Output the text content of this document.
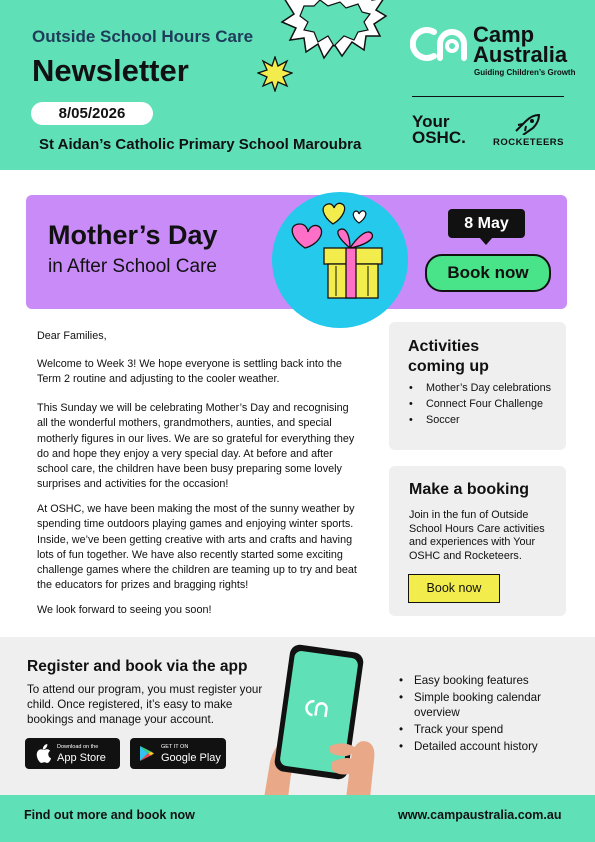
Outside School Hours Care
Newsletter
8/05/2026
St Aidan’s Catholic Primary School Maroubra
Camp
Australia
Guiding Children’s Growth
Your
OSHC.	ROCKETEERS
Mother’s Day
in After School Care
8 May
Book now

Dear Families,

Welcome to Week 3! We hope everyone is settling back into the Term 2 routine and adjusting to the cooler weather.

This Sunday we will be celebrating Mother’s Day and recognising all the wonderful mothers, grandmothers, aunties, and special motherly figures in our lives. We are so grateful for everything they do and hope they enjoy a very special day. At before and after school care, the children have been busy preparing some lovely surprises and activities for the occasion!

At OSHC, we have been making the most of the sunny weather by spending time outdoors playing games and enjoying winter sports. Inside, we’ve been getting creative with arts and crafts and having lots of fun together. We have also recently started some exciting challenge games where the children are teaming up to try and beat the educators for prizes and bragging rights!

We look forward to seeing you soon!

Activities
coming up
• Mother’s Day celebrations
• Connect Four Challenge
• Soccer
Make a booking

Join in the fun of Outside School Hours Care activities and experiences with Your OSHC and Rocketeers.

Book now
Register and book via the app

To attend our program, you must register your child. Once registered, it’s easy to make bookings and manage your account.

Download on the
App Store
GET IT ON
Google Play
• Easy booking features
• Simple booking calendar overview
• Track your spend
• Detailed account history
Find out more and book now	www.campaustralia.com.au
